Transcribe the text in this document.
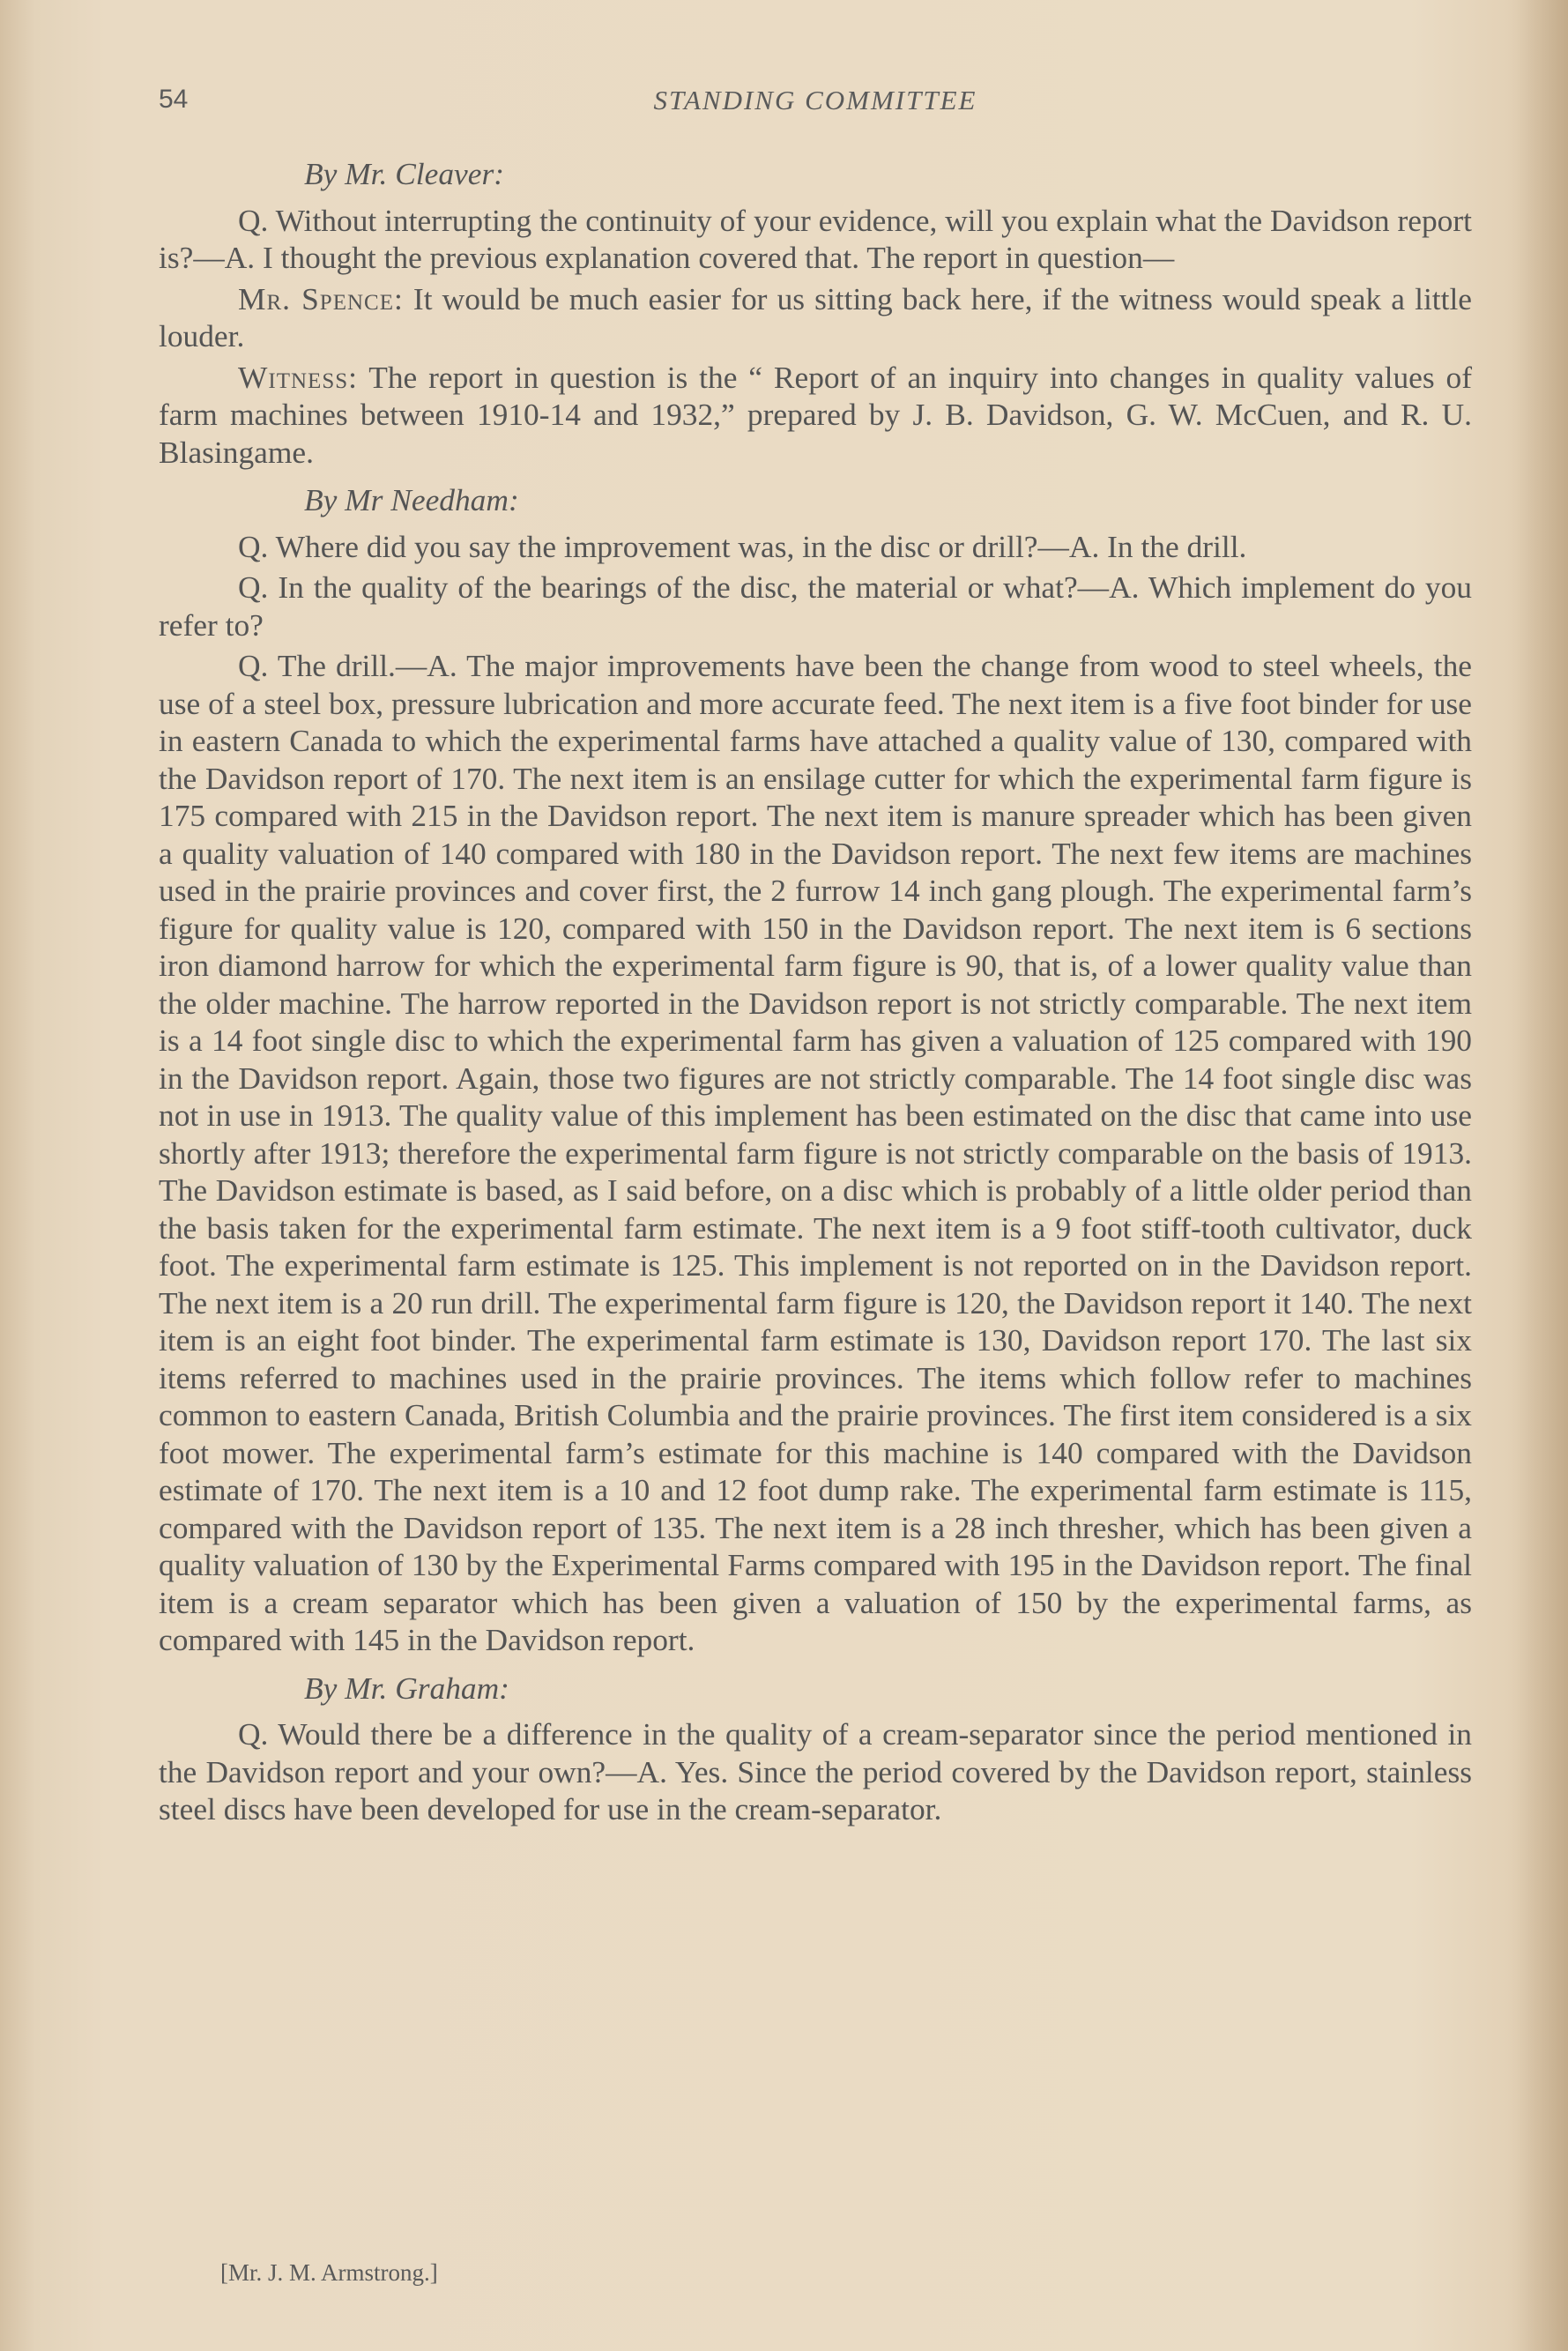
54	STANDING COMMITTEE

By Mr. Cleaver:

Q. Without interrupting the continuity of your evidence, will you explain what the Davidson report is?—A. I thought the previous explanation covered that. The report in question—

Mr. Spence: It would be much easier for us sitting back here, if the witness would speak a little louder.

Witness: The report in question is the “ Report of an inquiry into changes in quality values of farm machines between 1910-14 and 1932,” prepared by J. B. Davidson, G. W. McCuen, and R. U. Blasingame.

By Mr Needham:

Q. Where did you say the improvement was, in the disc or drill?—A. In the drill.

Q. In the quality of the bearings of the disc, the material or what?—A. Which implement do you refer to?

Q. The drill.—A. The major improvements have been the change from wood to steel wheels, the use of a steel box, pressure lubrication and more accurate feed. The next item is a five foot binder for use in eastern Canada to which the experimental farms have attached a quality value of 130, compared with the Davidson report of 170. The next item is an ensilage cutter for which the experimental farm figure is 175 compared with 215 in the Davidson report. The next item is manure spreader which has been given a quality valuation of 140 compared with 180 in the Davidson report. The next few items are machines used in the prairie provinces and cover first, the 2 furrow 14 inch gang plough. The experimental farm’s figure for quality value is 120, compared with 150 in the Davidson report. The next item is 6 sections iron diamond harrow for which the experimental farm figure is 90, that is, of a lower quality value than the older machine. The harrow reported in the Davidson report is not strictly comparable. The next item is a 14 foot single disc to which the experimental farm has given a valuation of 125 compared with 190 in the Davidson report. Again, those two figures are not strictly comparable. The 14 foot single disc was not in use in 1913. The quality value of this implement has been estimated on the disc that came into use shortly after 1913; therefore the experimental farm figure is not strictly comparable on the basis of 1913. The Davidson estimate is based, as I said before, on a disc which is probably of a little older period than the basis taken for the experimental farm estimate. The next item is a 9 foot stiff-tooth cultivator, duck foot. The experimental farm estimate is 125. This implement is not reported on in the Davidson report. The next item is a 20 run drill. The experimental farm figure is 120, the Davidson report it 140. The next item is an eight foot binder. The experimental farm estimate is 130, Davidson report 170. The last six items referred to machines used in the prairie provinces. The items which follow refer to machines common to eastern Canada, British Columbia and the prairie provinces. The first item considered is a six foot mower. The experimental farm’s estimate for this machine is 140 compared with the Davidson estimate of 170. The next item is a 10 and 12 foot dump rake. The experimental farm estimate is 115, compared with the Davidson report of 135. The next item is a 28 inch thresher, which has been given a quality valuation of 130 by the Experimental Farms compared with 195 in the Davidson report. The final item is a cream separator which has been given a valuation of 150 by the experimental farms, as compared with 145 in the Davidson report.

By Mr. Graham:

Q. Would there be a difference in the quality of a cream-separator since the period mentioned in the Davidson report and your own?—A. Yes. Since the period covered by the Davidson report, stainless steel discs have been developed for use in the cream-separator.

[Mr. J. M. Armstrong.]
